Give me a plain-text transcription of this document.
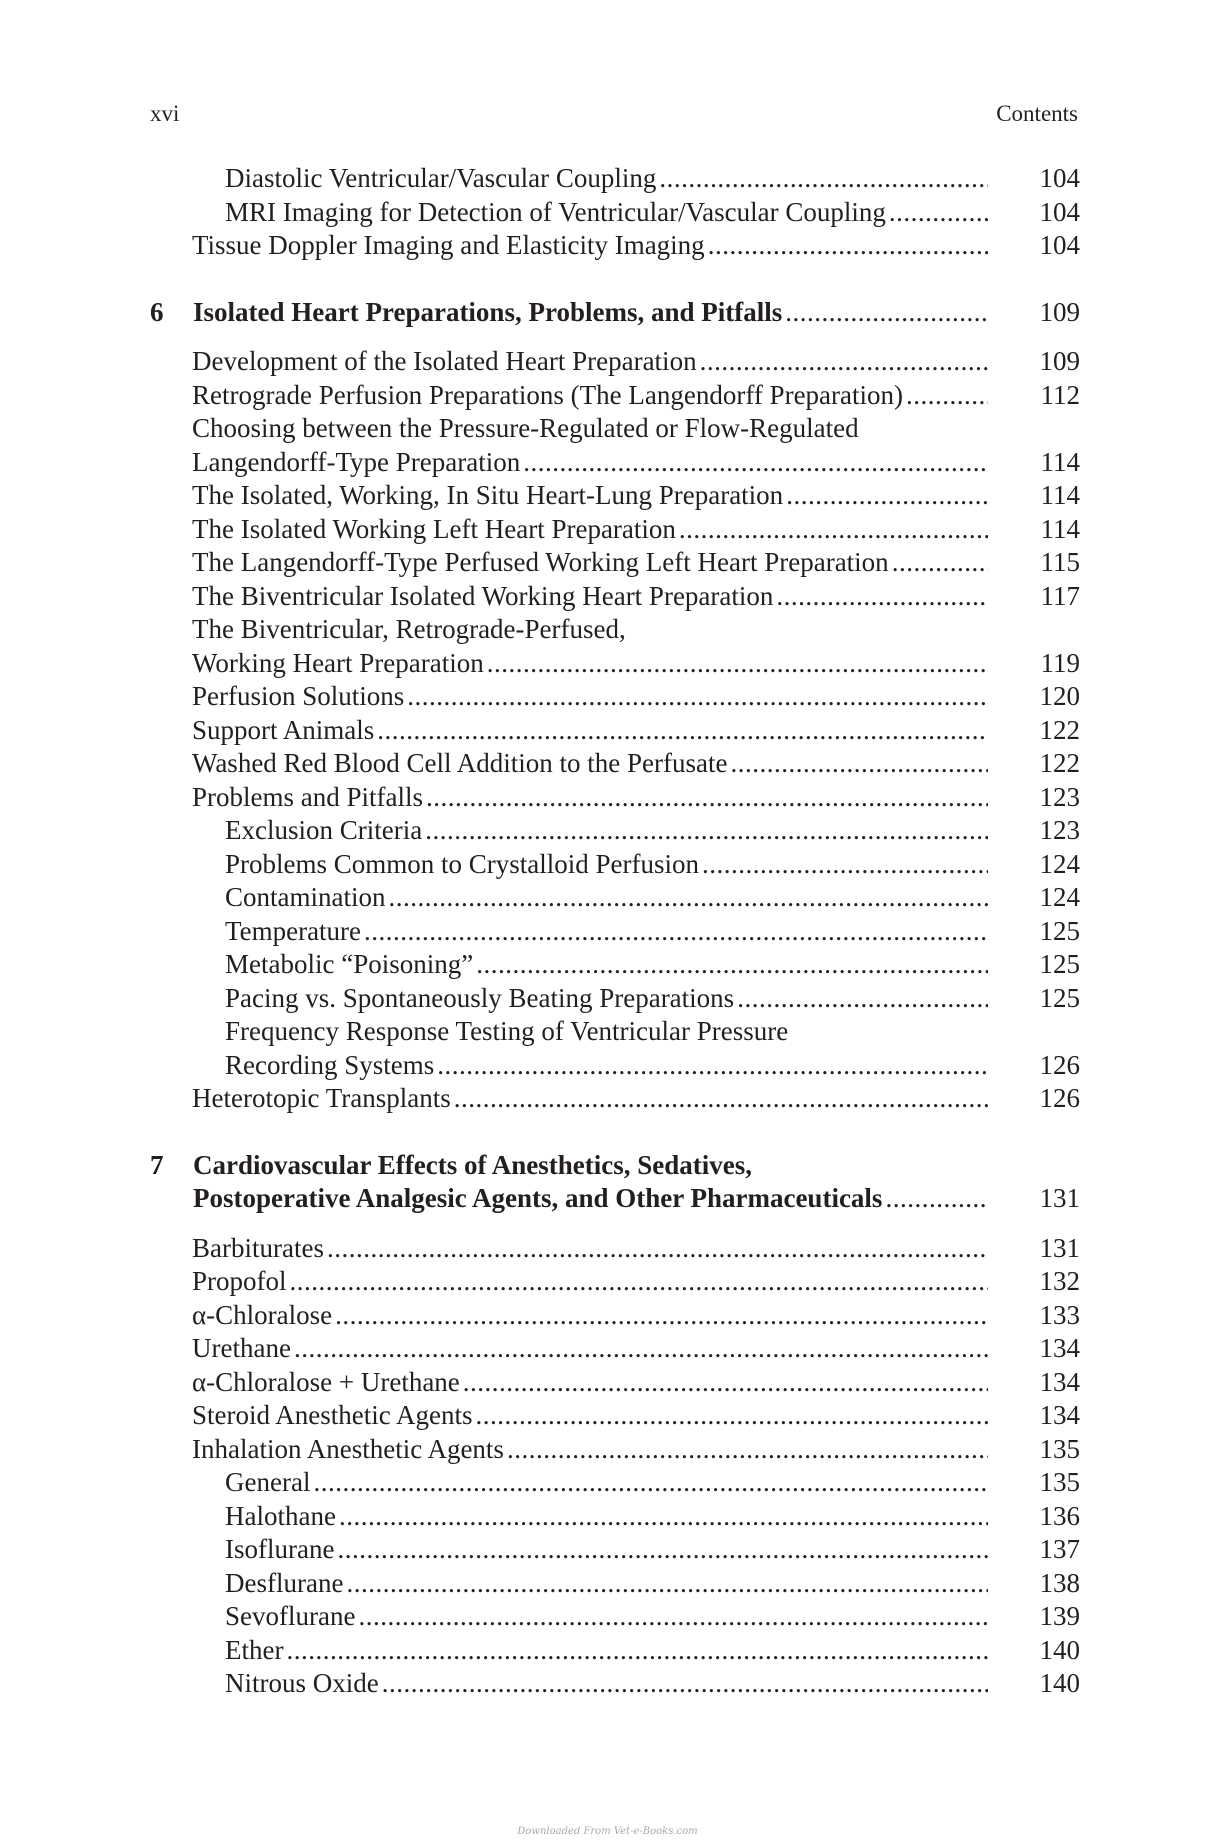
xvi	Contents
Diastolic Ventricular/Vascular Coupling .....	104
MRI Imaging for Detection of Ventricular/Vascular Coupling .....	104
Tissue Doppler Imaging and Elasticity Imaging .....	104
6 Isolated Heart Preparations, Problems, and Pitfalls .....	109
Development of the Isolated Heart Preparation .....	109
Retrograde Perfusion Preparations (The Langendorff Preparation) .....	112
Choosing between the Pressure-Regulated or Flow-Regulated
Langendorff-Type Preparation .....	114
The Isolated, Working, In Situ Heart-Lung Preparation .....	114
The Isolated Working Left Heart Preparation .....	114
The Langendorff-Type Perfused Working Left Heart Preparation .....	115
The Biventricular Isolated Working Heart Preparation .....	117
The Biventricular, Retrograde-Perfused,
Working Heart Preparation .....	119
Perfusion Solutions .....	120
Support Animals .....	122
Washed Red Blood Cell Addition to the Perfusate .....	122
Problems and Pitfalls .....	123
Exclusion Criteria .....	123
Problems Common to Crystalloid Perfusion .....	124
Contamination .....	124
Temperature .....	125
Metabolic “Poisoning” .....	125
Pacing vs. Spontaneously Beating Preparations .....	125
Frequency Response Testing of Ventricular Pressure
Recording Systems .....	126
Heterotopic Transplants .....	126
7 Cardiovascular Effects of Anesthetics, Sedatives,
Postoperative Analgesic Agents, and Other Pharmaceuticals .....	131
Barbiturates .....	131
Propofol .....	132
α-Chloralose .....	133
Urethane .....	134
α-Chloralose + Urethane .....	134
Steroid Anesthetic Agents .....	134
Inhalation Anesthetic Agents .....	135
General .....	135
Halothane .....	136
Isoflurane .....	137
Desflurane .....	138
Sevoflurane .....	139
Ether .....	140
Nitrous Oxide .....	140
Downloaded From Vet-e-Books.com
